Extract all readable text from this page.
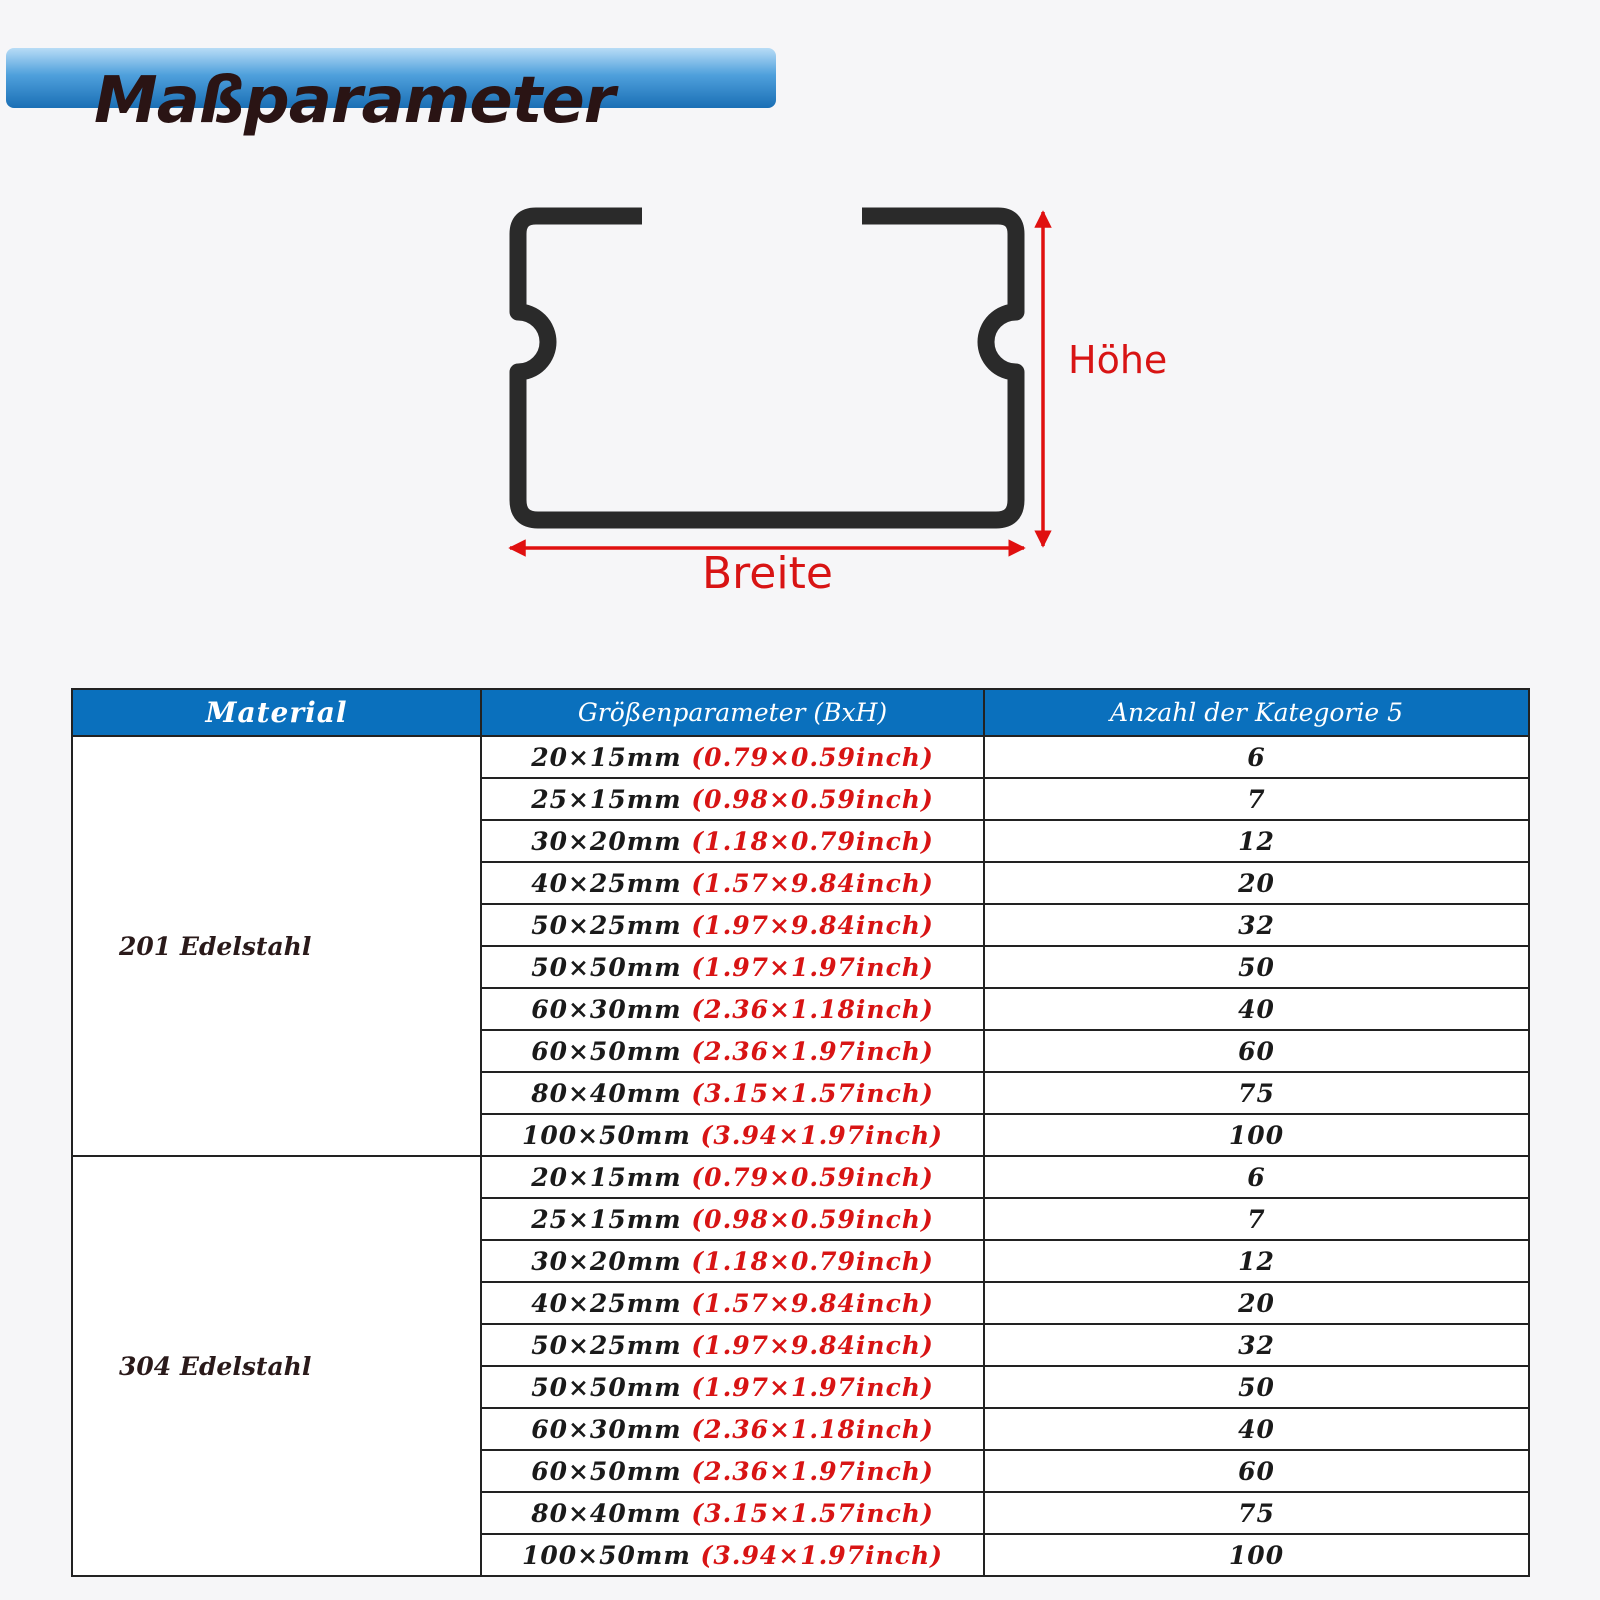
Maßparameter
Höhe
Breite
Material	Größenparameter (BxH)	Anzahl der Kategorie 5
201 Edelstahl	20×15mm (0.79×0.59inch)	6
	25×15mm (0.98×0.59inch)	7
	30×20mm (1.18×0.79inch)	12
	40×25mm (1.57×9.84inch)	20
	50×25mm (1.97×9.84inch)	32
	50×50mm (1.97×1.97inch)	50
	60×30mm (2.36×1.18inch)	40
	60×50mm (2.36×1.97inch)	60
	80×40mm (3.15×1.57inch)	75
	100×50mm (3.94×1.97inch)	100
304 Edelstahl	20×15mm (0.79×0.59inch)	6
	25×15mm (0.98×0.59inch)	7
	30×20mm (1.18×0.79inch)	12
	40×25mm (1.57×9.84inch)	20
	50×25mm (1.97×9.84inch)	32
	50×50mm (1.97×1.97inch)	50
	60×30mm (2.36×1.18inch)	40
	60×50mm (2.36×1.97inch)	60
	80×40mm (3.15×1.57inch)	75
	100×50mm (3.94×1.97inch)	100
